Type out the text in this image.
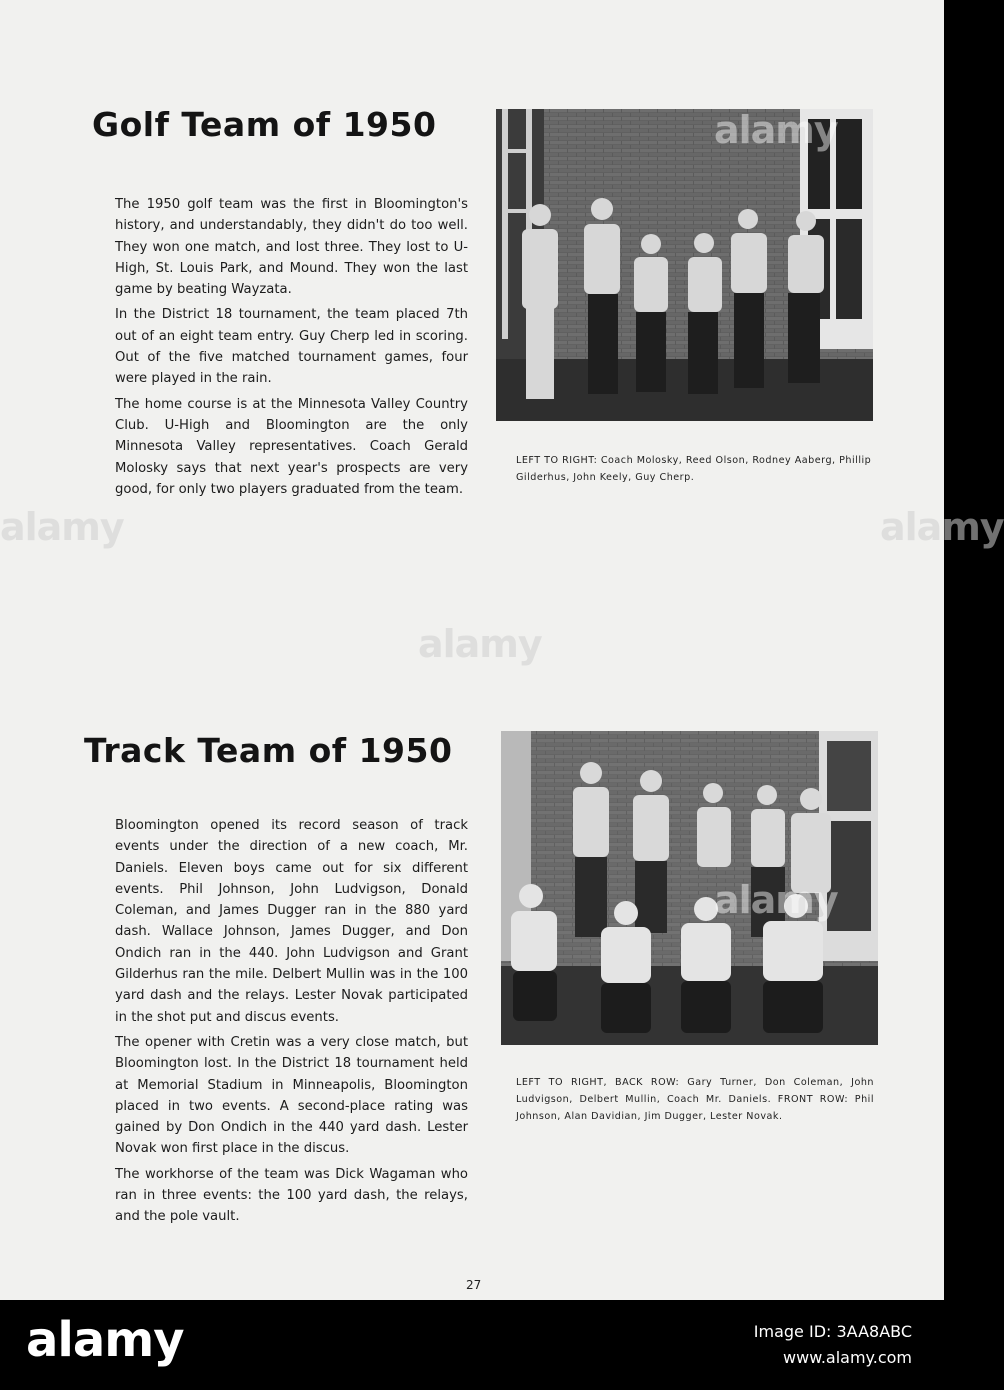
Golf Team of 1950

The 1950 golf team was the first in Bloomington's history, and understandably, they didn't do too well. They won one match, and lost three. They lost to U-High, St. Louis Park, and Mound. They won the last game by beating Wayzata.

In the District 18 tournament, the team placed 7th out of an eight team entry. Guy Cherp led in scoring. Out of the five matched tournament games, four were played in the rain.

The home course is at the Minnesota Valley Country Club. U-High and Bloomington are the only Minnesota Valley representatives. Coach Gerald Molosky says that next year's prospects are very good, for only two players graduated from the team.

LEFT TO RIGHT: Coach Molosky, Reed Olson, Rodney Aaberg, Phillip Gilderhus, John Keely, Guy Cherp.

Track Team of 1950

Bloomington opened its record season of track events under the direction of a new coach, Mr. Daniels. Eleven boys came out for six different events. Phil Johnson, John Ludvigson, Donald Coleman, and James Dugger ran in the 880 yard dash. Wallace Johnson, James Dugger, and Don Ondich ran in the 440. John Ludvigson and Grant Gilderhus ran the mile. Delbert Mullin was in the 100 yard dash and the relays. Lester Novak participated in the shot put and discus events.

The opener with Cretin was a very close match, but Bloomington lost. In the District 18 tournament held at Memorial Stadium in Minneapolis, Bloomington placed in two events. A second-place rating was gained by Don Ondich in the 440 yard dash. Lester Novak won first place in the discus.

The workhorse of the team was Dick Wagaman who ran in three events: the 100 yard dash, the relays, and the pole vault.

LEFT TO RIGHT, BACK ROW: Gary Turner, Don Coleman, John Ludvigson, Delbert Mullin, Coach Mr. Daniels. FRONT ROW: Phil Johnson, Alan Davidian, Jim Dugger, Lester Novak.

27
alamy
alamy	alamy
alamy
alamy
alamy	Image ID: 3AA8ABC
www.alamy.com
